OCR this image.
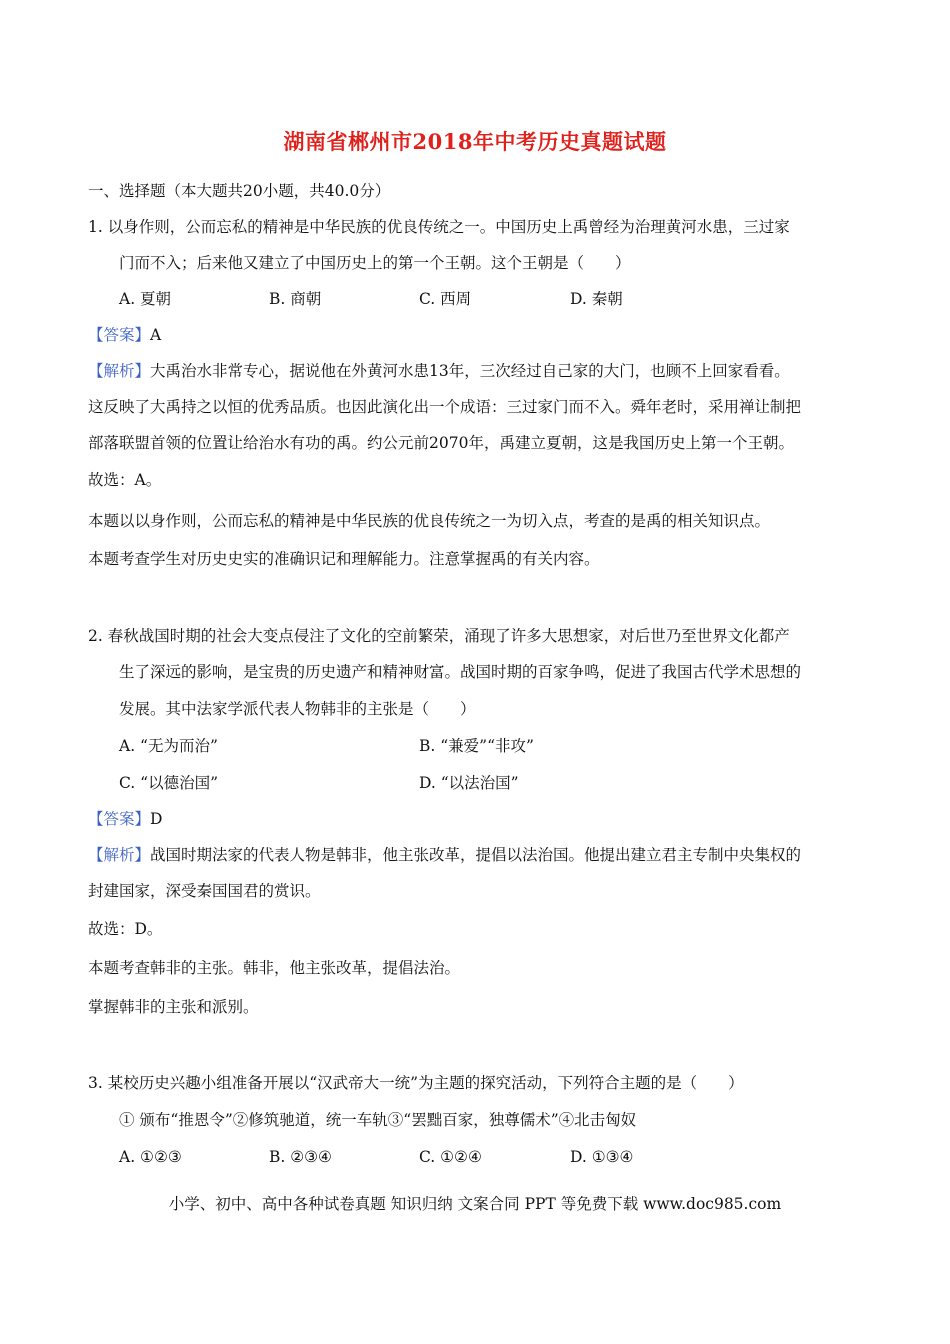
湖南省郴州市2018年中考历史真题试题
一、选择题（本大题共20小题，共40.0分）
1. 以身作则，公而忘私的精神是中华民族的优良传统之一。中国历史上禹曾经为治理黄河水患，三过家
门而不入；后来他又建立了中国历史上的第一个王朝。这个王朝是（　　）
A. 夏朝	B. 商朝	C. 西周	D. 秦朝
【答案】A
【解析】大禹治水非常专心，据说他在外黄河水患13年，三次经过自己家的大门，也顾不上回家看看。
这反映了大禹持之以恒的优秀品质。也因此演化出一个成语：三过家门而不入。舜年老时，采用禅让制把
部落联盟首领的位置让给治水有功的禹。约公元前2070年，禹建立夏朝，这是我国历史上第一个王朝。
故选：A。
本题以以身作则，公而忘私的精神是中华民族的优良传统之一为切入点，考查的是禹的相关知识点。
本题考查学生对历史史实的准确识记和理解能力。注意掌握禹的有关内容。
2. 春秋战国时期的社会大变点侵注了文化的空前繁荣，涌现了许多大思想家，对后世乃至世界文化都产
生了深远的影响，是宝贵的历史遗产和精神财富。战国时期的百家争鸣，促进了我国古代学术思想的
发展。其中法家学派代表人物韩非的主张是（　　）
A. “无为而治”	B. “兼爱”“非攻”
C. “以德治国”	D. “以法治国”
【答案】D
【解析】战国时期法家的代表人物是韩非，他主张改革，提倡以法治国。他提出建立君主专制中央集权的
封建国家，深受秦国国君的赏识。
故选：D。
本题考查韩非的主张。韩非，他主张改革，提倡法治。
掌握韩非的主张和派别。
3. 某校历史兴趣小组准备开展以“汉武帝大一统”为主题的探究活动，下列符合主题的是（　　）
① 颁布“推恩令”②修筑驰道，统一车轨③“罢黜百家，独尊儒术”④北击匈奴
A. ①②③	B. ②③④	C. ①②④	D. ①③④
小学、初中、高中各种试卷真题 知识归纳 文案合同 PPT 等免费下载 www.doc985.com
